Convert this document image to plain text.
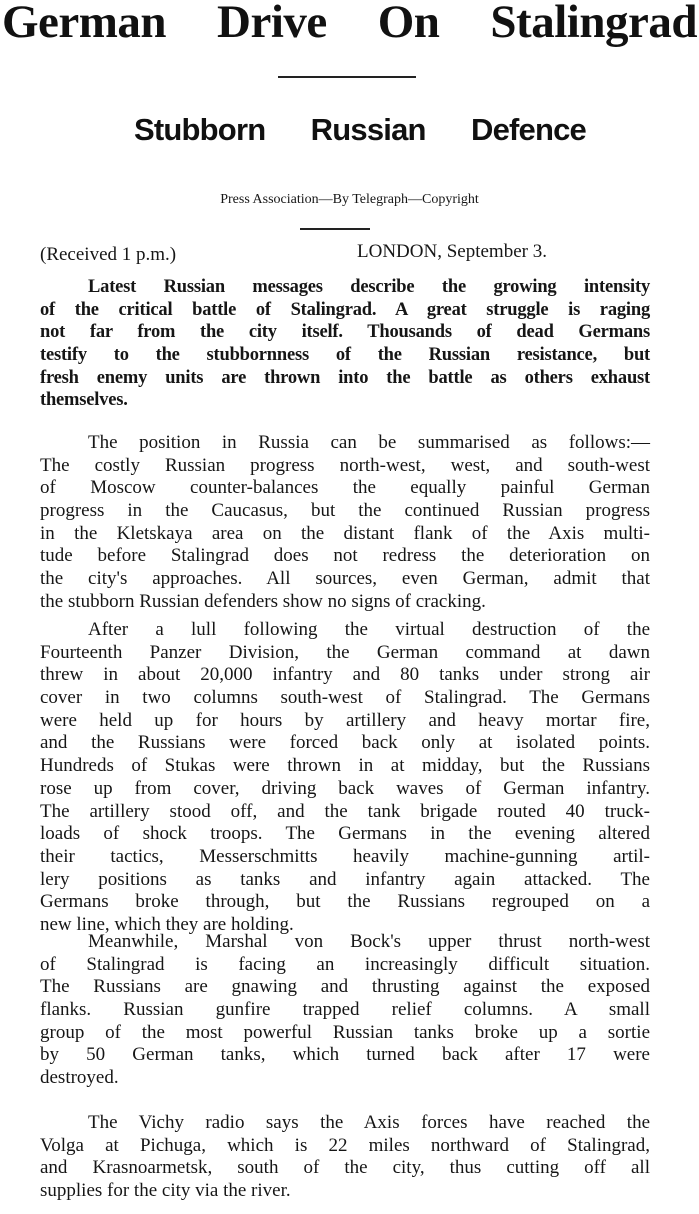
German Drive On Stalingrad
Stubborn Russian Defence
Press Association—By Telegraph—Copyright
(Received 1 p.m.)	LONDON, September 3.
Latest Russian messages describe the growing intensity
of the critical battle of Stalingrad. A great struggle is raging
not far from the city itself. Thousands of dead Germans
testify to the stubbornness of the Russian resistance, but
fresh enemy units are thrown into the battle as others exhaust
themselves.
The position in Russia can be summarised as follows:—
The costly Russian progress north-west, west, and south-west
of Moscow counter-balances the equally painful German
progress in the Caucasus, but the continued Russian progress
in the Kletskaya area on the distant flank of the Axis multi-
tude before Stalingrad does not redress the deterioration on
the city's approaches. All sources, even German, admit that
the stubborn Russian defenders show no signs of cracking.
After a lull following the virtual destruction of the
Fourteenth Panzer Division, the German command at dawn
threw in about 20,000 infantry and 80 tanks under strong air
cover in two columns south-west of Stalingrad. The Germans
were held up for hours by artillery and heavy mortar fire,
and the Russians were forced back only at isolated points.
Hundreds of Stukas were thrown in at midday, but the Russians
rose up from cover, driving back waves of German infantry.
The artillery stood off, and the tank brigade routed 40 truck-
loads of shock troops. The Germans in the evening altered
their tactics, Messerschmitts heavily machine-gunning artil-
lery positions as tanks and infantry again attacked. The
Germans broke through, but the Russians regrouped on a
new line, which they are holding.
Meanwhile, Marshal von Bock's upper thrust north-west
of Stalingrad is facing an increasingly difficult situation.
The Russians are gnawing and thrusting against the exposed
flanks. Russian gunfire trapped relief columns. A small
group of the most powerful Russian tanks broke up a sortie
by 50 German tanks, which turned back after 17 were
destroyed.
The Vichy radio says the Axis forces have reached the
Volga at Pichuga, which is 22 miles northward of Stalingrad,
and Krasnoarmetsk, south of the city, thus cutting off all
supplies for the city via the river.
